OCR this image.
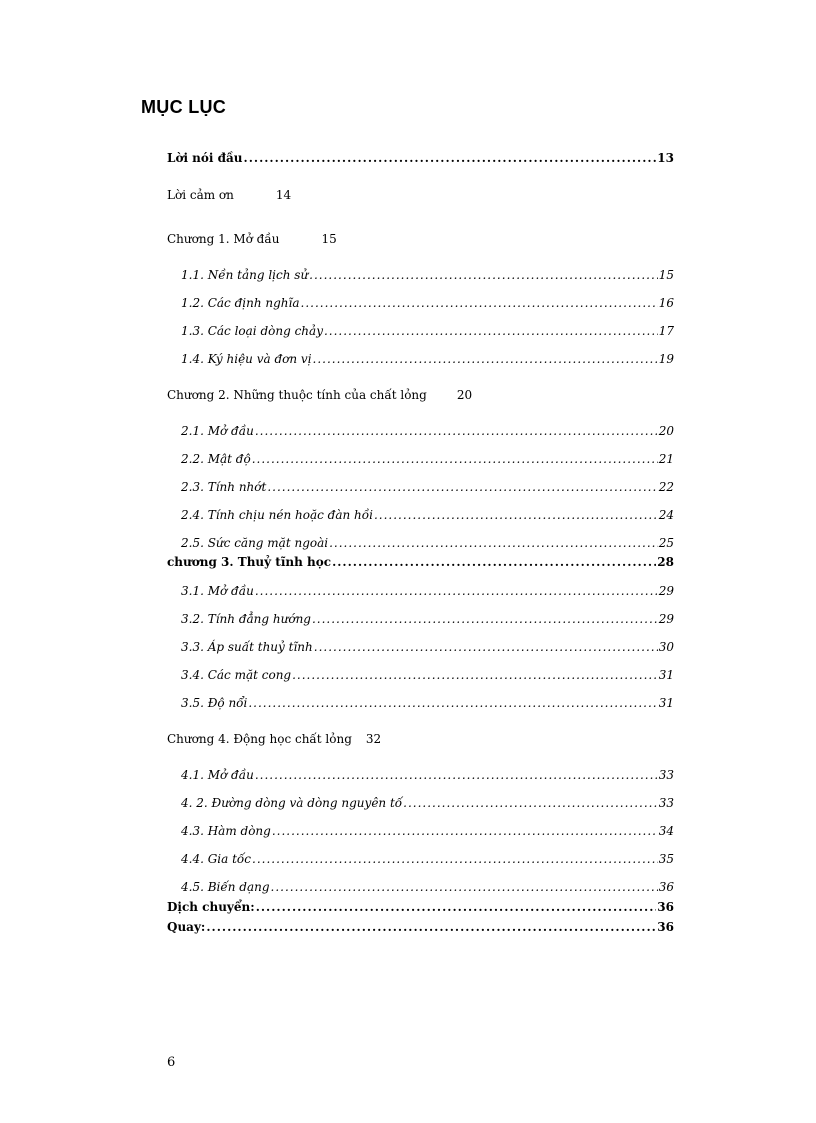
MỤC LỤC
Lời nói đầu .....	13
Lời cảm ơn	14
Chương 1. Mở đầu	15
1.1. Nền tảng lịch sử .....	15
1.2. Các định nghĩa .....	16
1.3. Các loại dòng chảy .....	17
1.4. Ký hiệu và đơn vị .....	19
Chương 2. Những thuộc tính của chất lỏng	20
2.1. Mở đầu .....	20
2.2. Mật độ .....	21
2.3. Tính nhớt .....	22
2.4. Tính chịu nén hoặc đàn hồi .....	24
2.5. Sức căng mặt ngoài .....	25
chương 3. Thuỷ tĩnh học .....	28
3.1. Mở đầu .....	29
3.2. Tính đẳng hướng .....	29
3.3. Áp suất thuỷ tĩnh .....	30
3.4. Các mặt cong .....	31
3.5. Độ nổi .....	31
Chương 4. Động học chất lỏng 32
4.1. Mở đầu .....	33
4. 2. Đường dòng và dòng nguyên tố .....	33
4.3. Hàm dòng .....	34
4.4. Gia tốc .....	35
4.5. Biến dạng .....	36
Dịch chuyển: .....	36
Quay: .....	36
6
